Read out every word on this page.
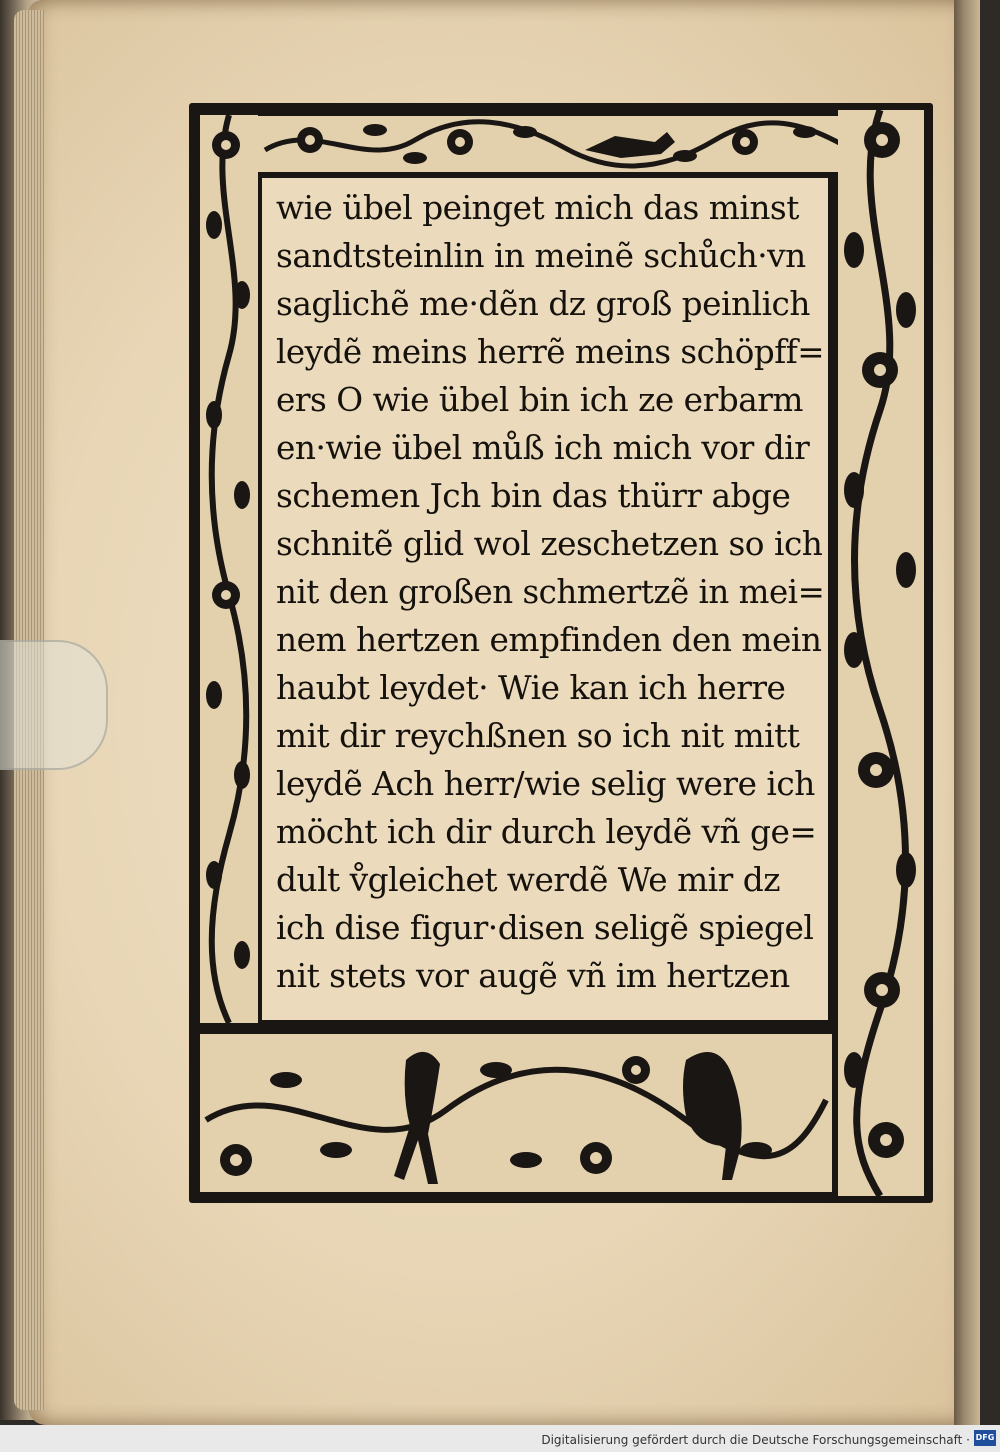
wie übel peinget mich das minst
sandtsteinlin in meinẽ schůch·vn
saglichẽ me·dẽn dz groß peinlich
leydẽ meins herrẽ meins schöpff=
ers O wie übel bin ich ze erbarm
en·wie übel můß ich mich vor dir
schemen Jch bin das thürr abge
schnitẽ glid wol zeschetzen so ich
nit den großen schmertzẽ in mei=
nem hertzen empfinden den mein
haubt leydet· Wie kan ich herre
mit dir reychßnen so ich nit mitt
leydẽ Ach herr/wie selig were ich
möcht ich dir durch leydẽ vñ ge=
dult v̊gleichet werdẽ We mir dz
ich dise figur·disen seligẽ spiegel
nit stets vor augẽ vñ im hertzen
Digitalisierung gefördert durch die Deutsche Forschungsgemeinschaft · DFG
